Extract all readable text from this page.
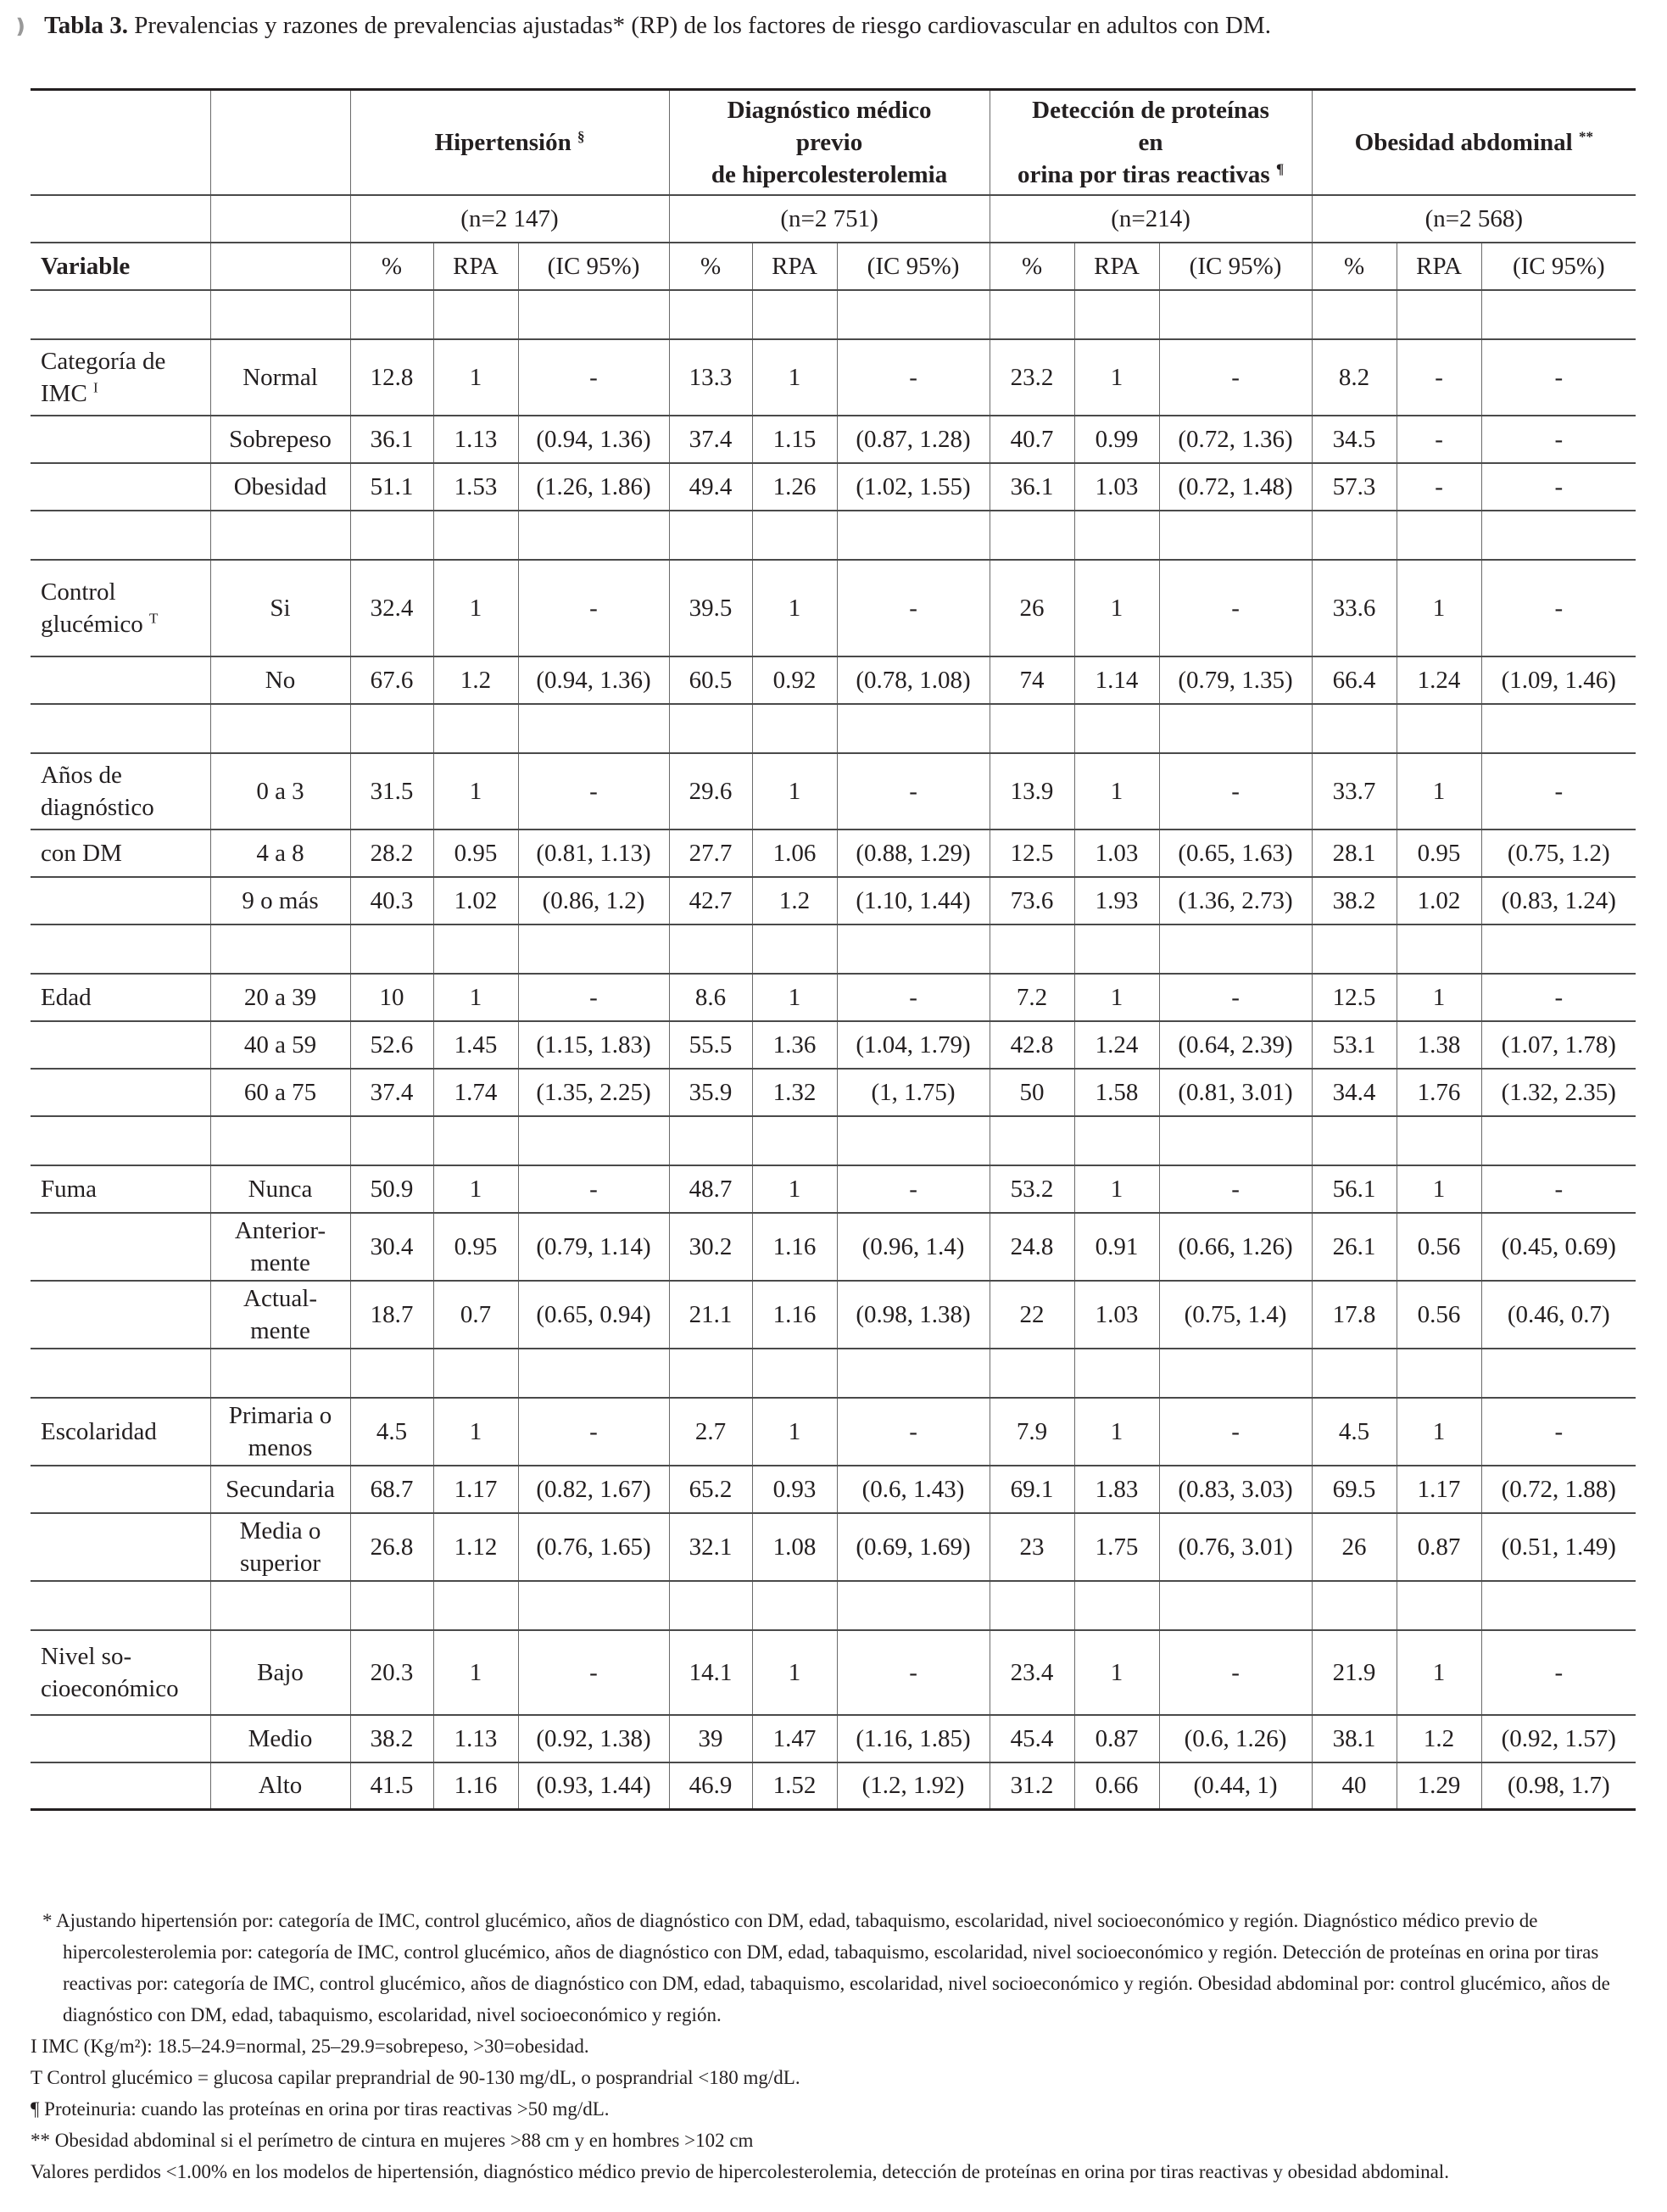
❫ Tabla 3. Prevalencias y razones de prevalencias ajustadas* (RP) de los factores de riesgo cardiovascular en adultos con DM.
		Hipertensión §			Diagnóstico médico
previo
de hipercolesterolemia			Detección de proteínas
en
orina por tiras reactivas ¶			Obesidad abdominal **
		(n=2 147)			(n=2 751)			(n=214)			(n=2 568)		
Variable		%	RPA	(IC 95%)	%	RPA	(IC 95%)	%	RPA	(IC 95%)	%	RPA	(IC 95%)

Categoría de
IMC $^I$	Normal	12.8	1	-	13.3	1	-	23.2	1	-	8.2	-	-
	Sobrepeso	36.1	1.13	(0.94, 1.36)	37.4	1.15	(0.87, 1.28)	40.7	0.99	(0.72, 1.36)	34.5	-	-
	Obesidad	51.1	1.53	(1.26, 1.86)	49.4	1.26	(1.02, 1.55)	36.1	1.03	(0.72, 1.48)	57.3	-	-

Control
glucémico $^T$	Si	32.4	1	-	39.5	1	-	26	1	-	33.6	1	-
	No	67.6	1.2	(0.94, 1.36)	60.5	0.92	(0.78, 1.08)	74	1.14	(0.79, 1.35)	66.4	1.24	(1.09, 1.46)

Años de
diagnóstico	0 a 3	31.5	1	-	29.6	1	-	13.9	1	-	33.7	1	-
con DM	4 a 8	28.2	0.95	(0.81, 1.13)	27.7	1.06	(0.88, 1.29)	12.5	1.03	(0.65, 1.63)	28.1	0.95	(0.75, 1.2)
	9 o más	40.3	1.02	(0.86, 1.2)	42.7	1.2	(1.10, 1.44)	73.6	1.93	(1.36, 2.73)	38.2	1.02	(0.83, 1.24)

Edad	20 a 39	10	1	-	8.6	1	-	7.2	1	-	12.5	1	-
	40 a 59	52.6	1.45	(1.15, 1.83)	55.5	1.36	(1.04, 1.79)	42.8	1.24	(0.64, 2.39)	53.1	1.38	(1.07, 1.78)
	60 a 75	37.4	1.74	(1.35, 2.25)	35.9	1.32	(1, 1.75)	50	1.58	(0.81, 3.01)	34.4	1.76	(1.32, 2.35)

Fuma	Nunca	50.9	1	-	48.7	1	-	53.2	1	-	56.1	1	-
	Anterior-
mente	30.4	0.95	(0.79, 1.14)	30.2	1.16	(0.96, 1.4)	24.8	0.91	(0.66, 1.26)	26.1	0.56	(0.45, 0.69)
	Actual-
mente	18.7	0.7	(0.65, 0.94)	21.1	1.16	(0.98, 1.38)	22	1.03	(0.75, 1.4)	17.8	0.56	(0.46, 0.7)

Escolaridad	Primaria o
menos	4.5	1	-	2.7	1	-	7.9	1	-	4.5	1	-
	Secundaria	68.7	1.17	(0.82, 1.67)	65.2	0.93	(0.6, 1.43)	69.1	1.83	(0.83, 3.03)	69.5	1.17	(0.72, 1.88)
	Media o
superior	26.8	1.12	(0.76, 1.65)	32.1	1.08	(0.69, 1.69)	23	1.75	(0.76, 3.01)	26	0.87	(0.51, 1.49)

Nivel so-
cioeconómico	Bajo	20.3	1	-	14.1	1	-	23.4	1	-	21.9	1	-
	Medio	38.2	1.13	(0.92, 1.38)	39	1.47	(1.16, 1.85)	45.4	0.87	(0.6, 1.26)	38.1	1.2	(0.92, 1.57)
	Alto	41.5	1.16	(0.93, 1.44)	46.9	1.52	(1.2, 1.92)	31.2	0.66	(0.44, 1)	40	1.29	(0.98, 1.7)

* Ajustando hipertensión por: categoría de IMC, control glucémico, años de diagnóstico con DM, edad, tabaquismo, escolaridad, nivel socioeconómico y región. Diagnóstico médico previo de hipercolesterolemia por: categoría de IMC, control glucémico, años de diagnóstico con DM, edad, tabaquismo, escolaridad, nivel socioeconómico y región. Detección de proteínas en orina por tiras reactivas por: categoría de IMC, control glucémico, años de diagnóstico con DM, edad, tabaquismo, escolaridad, nivel socioeconómico y región. Obesidad abdominal por: control glucémico, años de diagnóstico con DM, edad, tabaquismo, escolaridad, nivel socioeconómico y región.

I IMC (Kg/m²): 18.5–24.9=normal, 25–29.9=sobrepeso, >30=obesidad.

T Control glucémico = glucosa capilar preprandrial de 90-130 mg/dL, o posprandrial <180 mg/dL.

¶ Proteinuria: cuando las proteínas en orina por tiras reactivas >50 mg/dL.

** Obesidad abdominal si el perímetro de cintura en mujeres >88 cm y en hombres >102 cm

Valores perdidos <1.00% en los modelos de hipertensión, diagnóstico médico previo de hipercolesterolemia, detección de proteínas en orina por tiras reactivas y obesidad abdominal.
